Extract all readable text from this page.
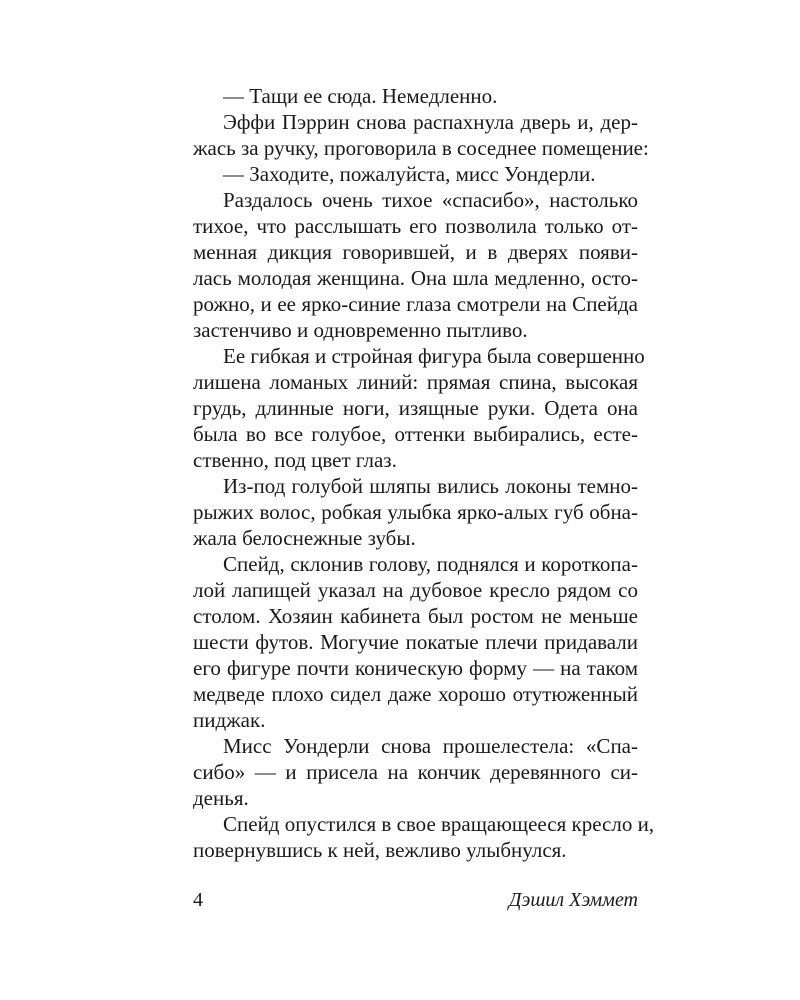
— Тащи ее сюда. Немедленно.
Эффи Пэррин снова распахнула дверь и, дер-
жась за ручку, проговорила в соседнее помещение:
— Заходите, пожалуйста, мисс Уондерли.
Раздалось очень тихое «спасибо», настолько
тихое, что расслышать его позволила только от-
менная дикция говорившей, и в дверях появи-
лась молодая женщина. Она шла медленно, осто-
рожно, и ее ярко-синие глаза смотрели на Спейда
застенчиво и одновременно пытливо.
Ее гибкая и стройная фигура была совершенно
лишена ломаных линий: прямая спина, высокая
грудь, длинные ноги, изящные руки. Одета она
была во все голубое, оттенки выбирались, есте-
ственно, под цвет глаз.
Из-под голубой шляпы вились локоны темно-
рыжих волос, робкая улыбка ярко-алых губ обна-
жала белоснежные зубы.
Спейд, склонив голову, поднялся и короткопа-
лой лапищей указал на дубовое кресло рядом со
столом. Хозяин кабинета был ростом не меньше
шести футов. Могучие покатые плечи придавали
его фигуре почти коническую форму — на таком
медведе плохо сидел даже хорошо отутюженный
пиджак.
Мисс Уондерли снова прошелестела: «Спа-
сибо» — и присела на кончик деревянного си-
денья.
Спейд опустился в свое вращающееся кресло и,
повернувшись к ней, вежливо улыбнулся.
4	Дэшил Хэммет
